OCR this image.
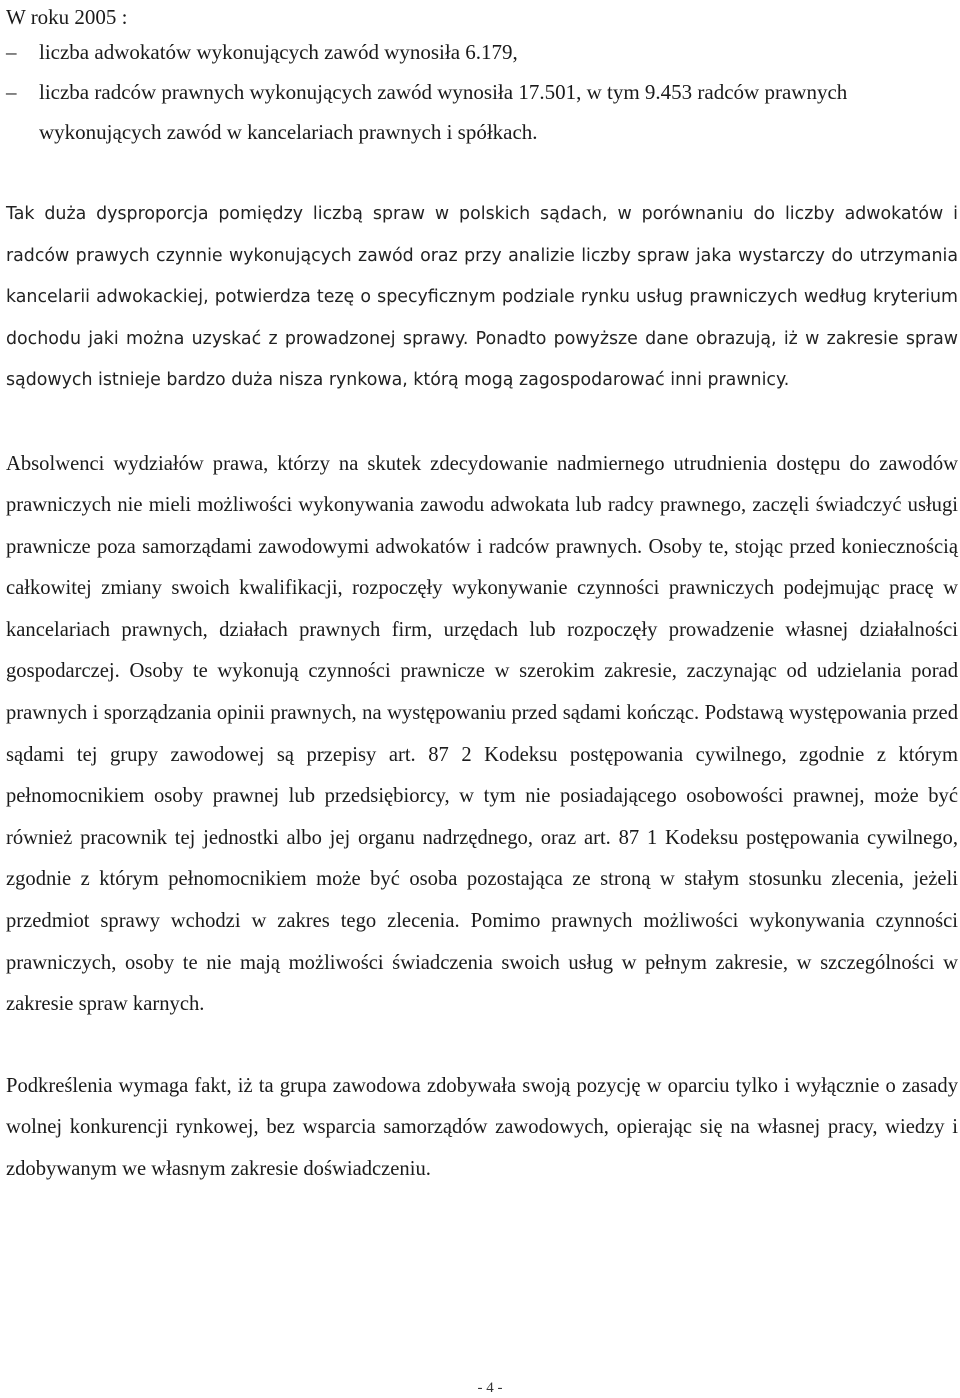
W roku 2005 :

– liczba adwokatów wykonujących zawód wynosiła 6.179,
– liczba radców prawnych wykonujących zawód wynosiła 17.501, w tym 9.453 radców prawnych wykonujących zawód w kancelariach prawnych i spółkach.

Tak duża dysproporcja pomiędzy liczbą spraw w polskich sądach, w porównaniu do liczby adwokatów i radców prawych czynnie wykonujących zawód oraz przy analizie liczby spraw jaka wystarczy do utrzymania kancelarii adwokackiej, potwierdza tezę o specyficznym podziale rynku usług prawniczych według kryterium dochodu jaki można uzyskać z prowadzonej sprawy. Ponadto powyższe dane obrazują, iż w zakresie spraw sądowych istnieje bardzo duża nisza rynkowa, którą mogą zagospodarować inni prawnicy.

Absolwenci wydziałów prawa, którzy na skutek zdecydowanie nadmiernego utrudnienia dostępu do zawodów prawniczych nie mieli możliwości wykonywania zawodu adwokata lub radcy prawnego, zaczęli świadczyć usługi prawnicze poza samorządami zawodowymi adwokatów i radców prawnych. Osoby te, stojąc przed koniecznością całkowitej zmiany swoich kwalifikacji, rozpoczęły wykonywanie czynności prawniczych podejmując pracę w kancelariach prawnych, działach prawnych firm, urzędach lub rozpoczęły prowadzenie własnej działalności gospodarczej. Osoby te wykonują czynności prawnicze w szerokim zakresie, zaczynając od udzielania porad prawnych i sporządzania opinii prawnych, na występowaniu przed sądami kończąc. Podstawą występowania przed sądami tej grupy zawodowej są przepisy art. 87 2 Kodeksu postępowania cywilnego, zgodnie z którym pełnomocnikiem osoby prawnej lub przedsiębiorcy, w tym nie posiadającego osobowości prawnej, może być również pracownik tej jednostki albo jej organu nadrzędnego, oraz art. 87 1 Kodeksu postępowania cywilnego, zgodnie z którym pełnomocnikiem może być osoba pozostająca ze stroną w stałym stosunku zlecenia, jeżeli przedmiot sprawy wchodzi w zakres tego zlecenia. Pomimo prawnych możliwości wykonywania czynności prawniczych, osoby te nie mają możliwości świadczenia swoich usług w pełnym zakresie, w szczególności w zakresie spraw karnych.

Podkreślenia wymaga fakt, iż ta grupa zawodowa zdobywała swoją pozycję w oparciu tylko i wyłącznie o zasady wolnej konkurencji rynkowej, bez wsparcia samorządów zawodowych, opierając się na własnej pracy, wiedzy i zdobywanym we własnym zakresie doświadczeniu.

- 4 -
